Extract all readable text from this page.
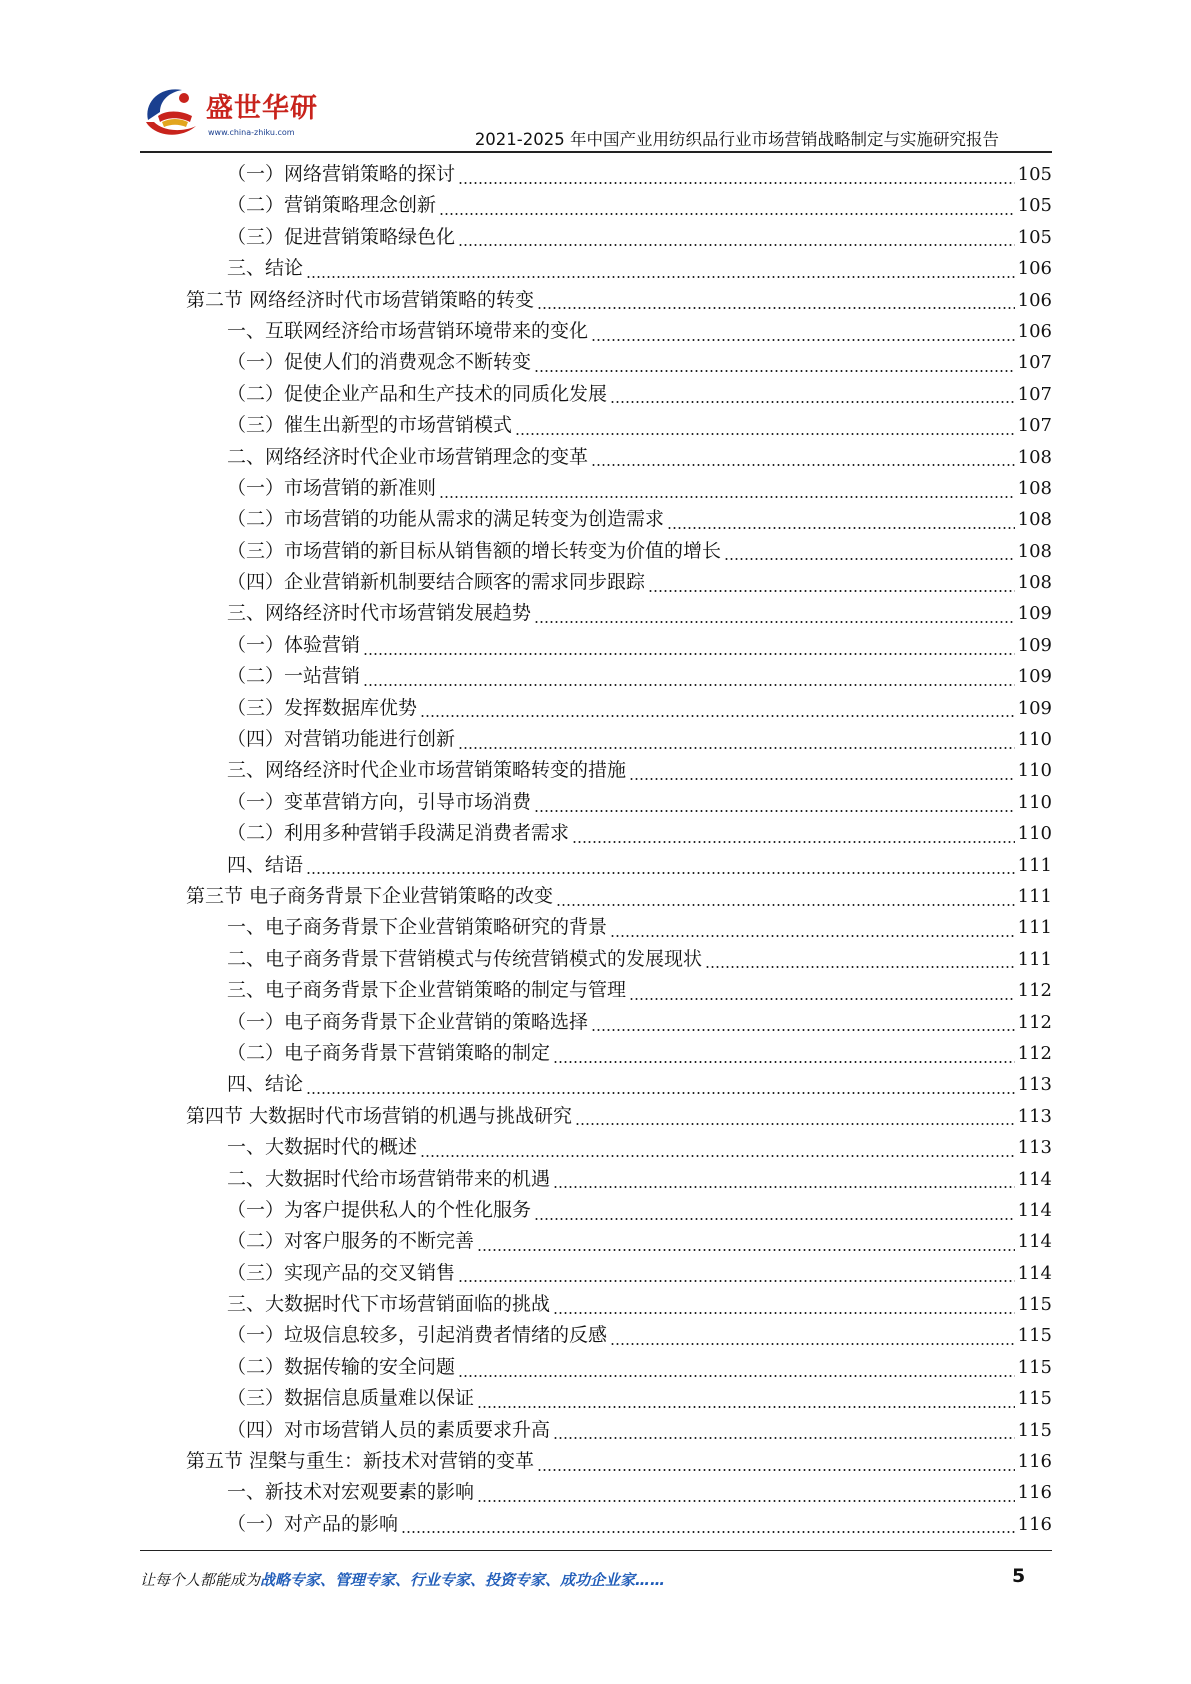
盛世华研
www.china-zhiku.com	2021-2025 年中国产业用纺织品行业市场营销战略制定与实施研究报告
（一）网络营销策略的探讨	105
（二）营销策略理念创新	105
（三）促进营销策略绿色化	105
三、结论	106
第二节 网络经济时代市场营销策略的转变	106
一、互联网经济给市场营销环境带来的变化	106
（一）促使人们的消费观念不断转变	107
（二）促使企业产品和生产技术的同质化发展	107
（三）催生出新型的市场营销模式	107
二、网络经济时代企业市场营销理念的变革	108
（一）市场营销的新准则	108
（二）市场营销的功能从需求的满足转变为创造需求	108
（三）市场营销的新目标从销售额的增长转变为价值的增长	108
（四）企业营销新机制要结合顾客的需求同步跟踪	108
三、网络经济时代市场营销发展趋势	109
（一）体验营销	109
（二）一站营销	109
（三）发挥数据库优势	109
（四）对营销功能进行创新	110
三、网络经济时代企业市场营销策略转变的措施	110
（一）变革营销方向，引导市场消费	110
（二）利用多种营销手段满足消费者需求	110
四、结语	111
第三节 电子商务背景下企业营销策略的改变	111
一、电子商务背景下企业营销策略研究的背景	111
二、电子商务背景下营销模式与传统营销模式的发展现状	111
三、电子商务背景下企业营销策略的制定与管理	112
（一）电子商务背景下企业营销的策略选择	112
（二）电子商务背景下营销策略的制定	112
四、结论	113
第四节 大数据时代市场营销的机遇与挑战研究	113
一、大数据时代的概述	113
二、大数据时代给市场营销带来的机遇	114
（一）为客户提供私人的个性化服务	114
（二）对客户服务的不断完善	114
（三）实现产品的交叉销售	114
三、大数据时代下市场营销面临的挑战	115
（一）垃圾信息较多，引起消费者情绪的反感	115
（二）数据传输的安全问题	115
（三）数据信息质量难以保证	115
（四）对市场营销人员的素质要求升高	115
第五节 涅槃与重生：新技术对营销的变革	116
一、新技术对宏观要素的影响	116
（一）对产品的影响	116
让每个人都能成为战略专家、管理专家、行业专家、投资专家、成功企业家……	5
